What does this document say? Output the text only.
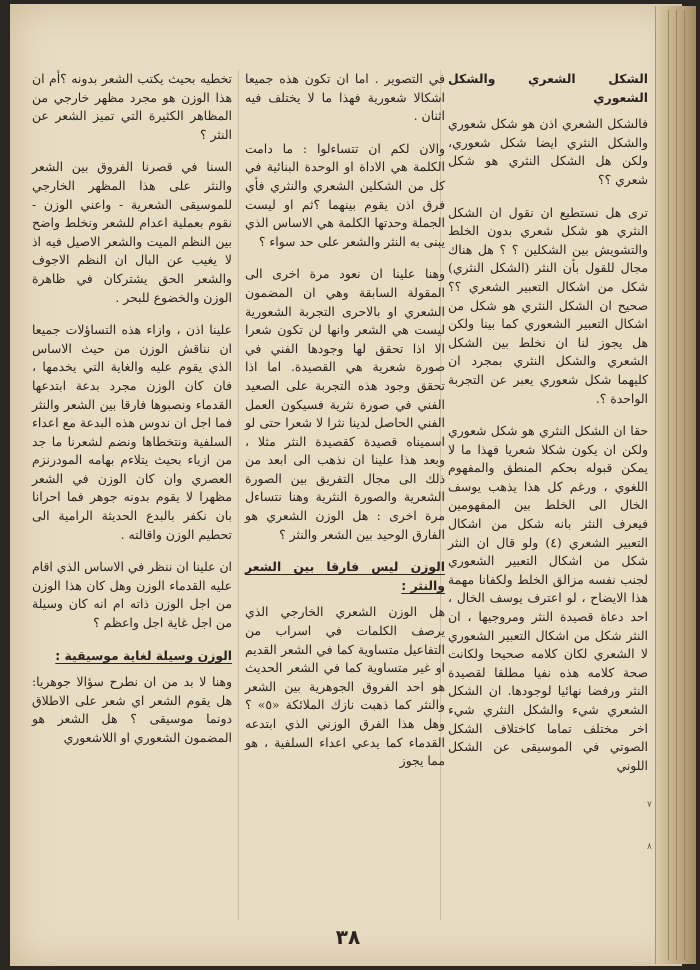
الشكل الشعري والشكل الشعوري

فالشكل الشعري اذن هو شكل شعوري والشكل النثري ايضا شكل شعوري، ولكن هل الشكل النثري هو شكل شعري ؟؟

ترى هل نستطيع ان نقول ان الشكل النثري هو شكل شعري بدون الخلط والتشويش بين الشكلين ؟ ؟ هل هناك مجال للقول بأن النثر (الشكل النثري) شكل من اشكال التعبير الشعري ؟؟ صحيح ان الشكل النثري هو شكل من اشكال التعبير الشعوري كما بينا ولكن هل يجوز لنا ان نخلط بين الشكل الشعري والشكل النثري بمجرد ان كليهما شكل شعوري يعبر عن التجربة الواحدة ؟.

حقا ان الشكل النثري هو شكل شعوري ولكن ان يكون شكلا شعريا فهذا ما لا يمكن قبوله بحكم المنطق والمفهوم اللغوي ، ورغم كل هذا يذهب يوسف الخال الى الخلط بين المفهومين فيعرف النثر بانه شكل من اشكال التعبير الشعري (٤) ولو قال ان النثر شكل من اشكال التعبير الشعوري لجنب نفسه مزالق الخلط ولكفانا مهمة هذا الايضاح ، لو اعترف يوسف الخال ، احد دعاة قصيدة النثر ومروجيها ، ان النثر شكل من اشكال التعبير الشعوري لا الشعري لكان كلامه صحيحا ولكانت صحة كلامه هذه نفيا مطلقا لقصيدة النثر ورفضا نهائيا لوجودها. ان الشكل الشعري شيء والشكل النثري شيء اخر مختلف تماما كاختلاف الشكل الصوتي في الموسيقى عن الشكل اللوني

في التصوير . اما ان تكون هذه جميعا اشكالا شعورية فهذا ما لا يختلف فيه اثنان .

والان لكم ان تتساءلوا : ما دامت الكلمة هي الاداة او الوحدة البنائية في كل من الشكلين الشعري والنثري فأي فرق اذن يقوم بينهما ؟ثم او ليست الجملة وحدتها الكلمة هي الاساس الذي يبنى به النثر والشعر على حد سواء ؟

وهنا علينا ان نعود مرة اخرى الى المقولة السابقة وهي ان المضمون الشعري او بالاحرى التجربة الشعورية ليست هي الشعر وانها لن تكون شعرا الا اذا تحقق لها وجودها الفني في صورة شعرية هي القصيدة. اما اذا تحقق وجود هذه التجربة على الصعيد الفني في صورة نثرية فسيكون العمل الفني الحاصل لدينا نثرا لا شعرا حتى لو اسميناه قصيدة كقصيدة النثر مثلا ، وبعد هذا علينا ان نذهب الى ابعد من ذلك الى مجال التفريق بين الصورة الشعرية والصورة النثرية وهنا نتساءل مرة اخرى : هل الوزن الشعري هو الفارق الوحيد بين الشعر والنثر ؟

الوزن ليس فارقا بين الشعر والنثر :

هل الوزن الشعري الخارجي الذي يرصف الكلمات في اسراب من التفاعيل متساوية كما في الشعر القديم او غير متساوية كما في الشعر الحديث هو احد الفروق الجوهرية بين الشعر والنثر كما ذهبت نازك الملائكة «٥» ؟ وهل هذا الفرق الوزني الذي ابتدعه القدماء كما يدعي اعداء السلفية ، هو مما يجوز

تخطيه بحيث يكتب الشعر بدونه ؟أم ان هذا الوزن هو مجرد مظهر خارجي من المظاهر الكثيرة التي تميز الشعر عن النثر ؟

السنا في قصرنا الفروق بين الشعر والنثر على هذا المظهر الخارجي للموسيقى الشعرية - واعني الوزن - نقوم بعملية اعدام للشعر ونخلط واضح بين النظم الميت والشعر الاصيل فيه اذ لا يغيب عن البال ان النظم الاجوف والشعر الحق يشتركان في ظاهرة الوزن والخضوع للبحر .

علينا اذن ، وازاء هذه التساؤلات جميعا ان نناقش الوزن من حيث الاساس الذي يقوم عليه والغاية التي يخدمها ، فان كان الوزن مجرد بدعة ابتدعها القدماء ونصبوها فارقا بين الشعر والنثر فما اجل ان ندوس هذه البدعة مع اعداء السلفية ونتخطاها ونضم لشعرنا ما جد من ازياء بحيث يتلاءم بهامه المودرنزم العصري وان كان الوزن في الشعر مظهرا لا يقوم بدونه جوهر فما احرانا بان نكفر بالبدع الحديثة الرامية الى تحطيم الوزن واقالته .

ان علينا ان ننظر في الاساس الذي اقام عليه القدماء الوزن وهل كان هذا الوزن من اجل الوزن ذاته ام انه كان وسيلة من اجل غاية اجل واعظم ؟

الوزن وسيلة لغاية موسيقية :

وهنا لا بد من ان نطرح سؤالا جوهريا: هل يقوم الشعر اي شعر على الاطلاق دونما موسيقى ؟ هل الشعر هو المضمون الشعوري او اللاشعوري

٣٨
٧
٨
